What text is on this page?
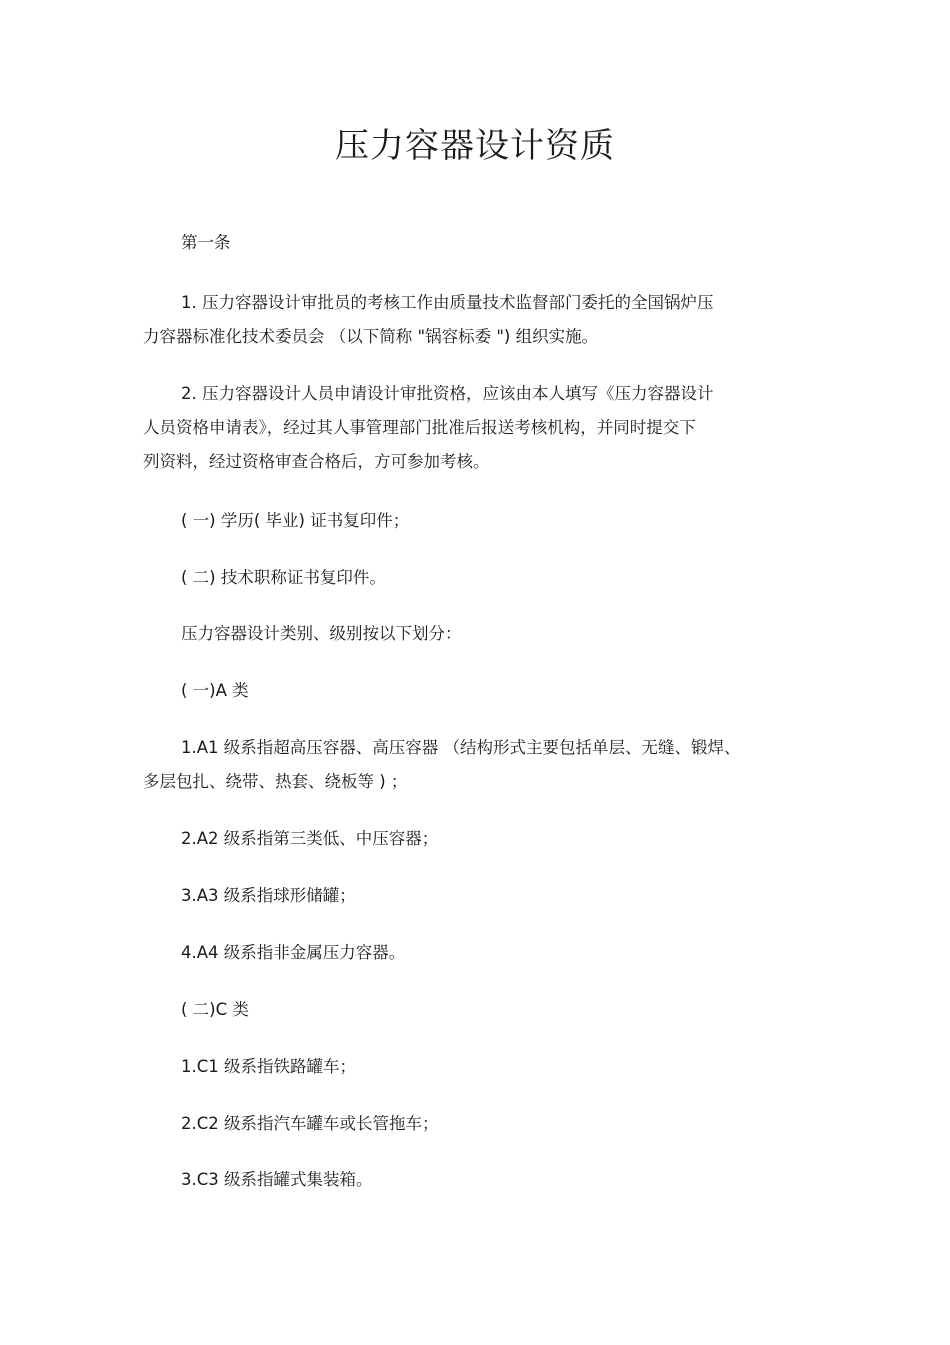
压力容器设计资质
第一条
1. 压力容器设计审批员的考核工作由质量技术监督部门委托的全国锅炉压
力容器标准化技术委员会 （以下简称 "锅容标委 ") 组织实施。
2. 压力容器设计人员申请设计审批资格，应该由本人填写《压力容器设计
人员资格申请表》，经过其人事管理部门批准后报送考核机构，并同时提交下
列资料，经过资格审查合格后，方可参加考核。
( 一) 学历( 毕业) 证书复印件；
( 二) 技术职称证书复印件。
压力容器设计类别、级别按以下划分：
( 一)A 类
1.A1 级系指超高压容器、高压容器 （结构形式主要包括单层、无缝、锻焊、
多层包扎、绕带、热套、绕板等 ) ；
2.A2 级系指第三类低、中压容器；
3.A3 级系指球形储罐；
4.A4 级系指非金属压力容器。
( 二)C 类
1.C1 级系指铁路罐车；
2.C2 级系指汽车罐车或长管拖车；
3.C3 级系指罐式集装箱。
